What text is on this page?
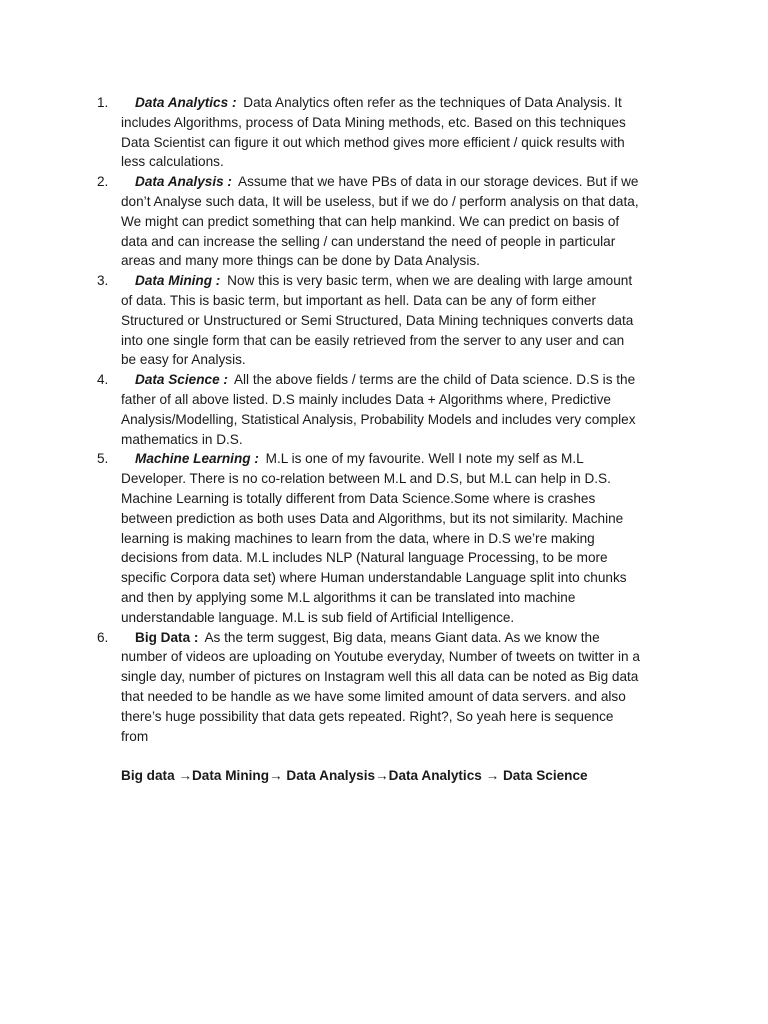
1.	Data Analytics : Data Analytics often refer as the techniques of Data Analysis. It includes Algorithms, process of Data Mining methods, etc. Based on this techniques Data Scientist can figure it out which method gives more efficient / quick results with less calculations.
2.	Data Analysis : Assume that we have PBs of data in our storage devices. But if we don’t Analyse such data, It will be useless, but if we do / perform analysis on that data, We might can predict something that can help mankind. We can predict on basis of data and can increase the selling / can understand the need of people in particular areas and many more things can be done by Data Analysis.
3.	Data Mining : Now this is very basic term, when we are dealing with large amount of data. This is basic term, but important as hell. Data can be any of form either Structured or Unstructured or Semi Structured, Data Mining techniques converts data into one single form that can be easily retrieved from the server to any user and can be easy for Analysis.
4.	Data Science : All the above fields / terms are the child of Data science. D.S is the father of all above listed. D.S mainly includes Data + Algorithms where, Predictive Analysis/Modelling, Statistical Analysis, Probability Models and includes very complex mathematics in D.S.
5.	Machine Learning : M.L is one of my favourite. Well I note my self as M.L Developer. There is no co-relation between M.L and D.S, but M.L can help in D.S. Machine Learning is totally different from Data Science.Some where is crashes between prediction as both uses Data and Algorithms, but its not similarity. Machine learning is making machines to learn from the data, where in D.S we’re making decisions from data. M.L includes NLP (Natural language Processing, to be more specific Corpora data set) where Human understandable Language split into chunks and then by applying some M.L algorithms it can be translated into machine understandable language. M.L is sub field of Artificial Intelligence.
6.	Big Data : As the term suggest, Big data, means Giant data. As we know the number of videos are uploading on Youtube everyday, Number of tweets on twitter in a single day, number of pictures on Instagram well this all data can be noted as Big data that needed to be handle as we have some limited amount of data servers. and also there’s huge possibility that data gets repeated. Right?, So yeah here is sequence from
Big data →Data Mining→ Data Analysis→Data Analytics → Data Science
